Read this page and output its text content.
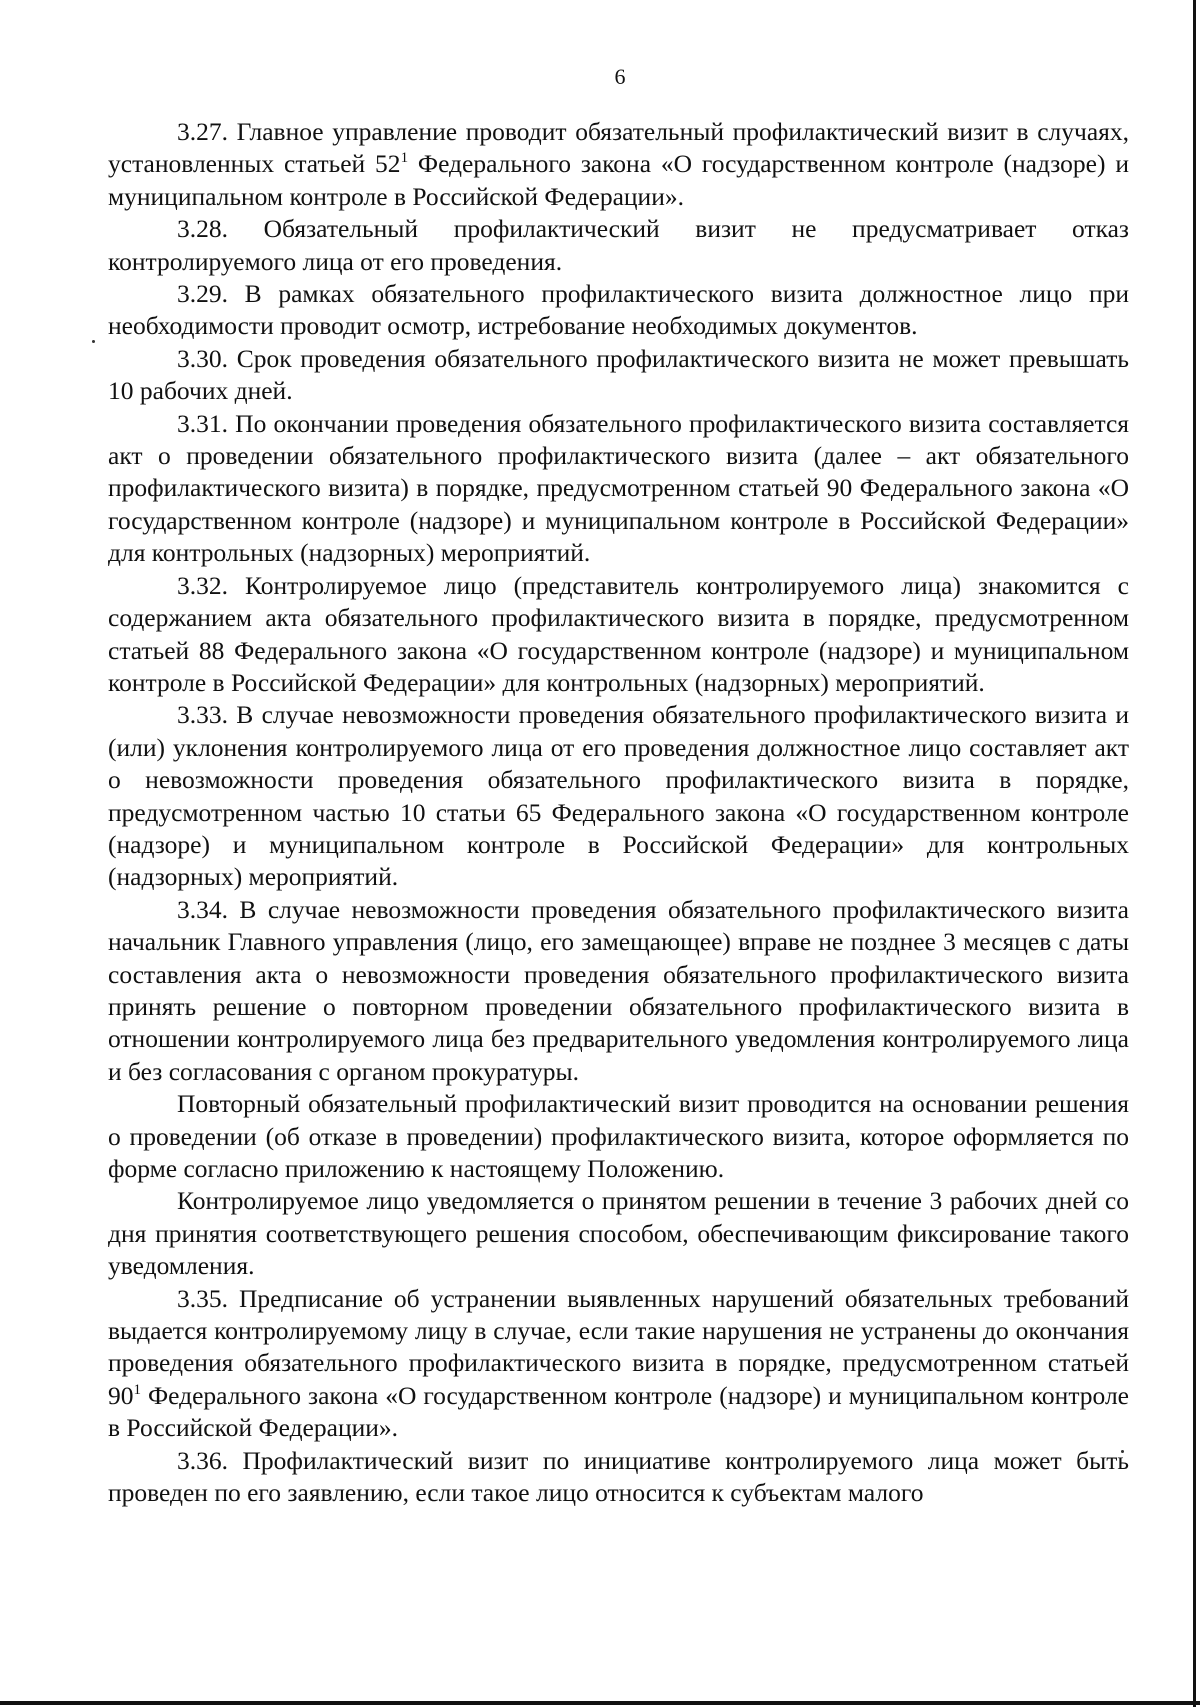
6

3.27. Главное управление проводит обязательный профилактический визит в случаях, установленных статьей $52^1$ Федерального закона «О государственном контроле (надзоре) и муниципальном контроле в Российской Федерации».

3.28. Обязательный профилактический визит не предусматривает отказ контролируемого лица от его проведения.

3.29. В рамках обязательного профилактического визита должностное лицо при необходимости проводит осмотр, истребование необходимых документов.

3.30. Срок проведения обязательного профилактического визита не может превышать 10 рабочих дней.

3.31. По окончании проведения обязательного профилактического визита составляется акт о проведении обязательного профилактического визита (далее – акт обязательного профилактического визита) в порядке, предусмотренном статьей 90 Федерального закона «О государственном контроле (надзоре) и муниципальном контроле в Российской Федерации» для контрольных (надзорных) мероприятий.

3.32. Контролируемое лицо (представитель контролируемого лица) знакомится с содержанием акта обязательного профилактического визита в порядке, предусмотренном статьей 88 Федерального закона «О государственном контроле (надзоре) и муниципальном контроле в Российской Федерации» для контрольных (надзорных) мероприятий.

3.33. В случае невозможности проведения обязательного профилактического визита и (или) уклонения контролируемого лица от его проведения должностное лицо составляет акт о невозможности проведения обязательного профилактического визита в порядке, предусмотренном частью 10 статьи 65 Федерального закона «О государственном контроле (надзоре) и муниципальном контроле в Российской Федерации» для контрольных (надзорных) мероприятий.

3.34. В случае невозможности проведения обязательного профилактического визита начальник Главного управления (лицо, его замещающее) вправе не позднее 3 месяцев с даты составления акта о невозможности проведения обязательного профилактического визита принять решение о повторном проведении обязательного профилактического визита в отношении контролируемого лица без предварительного уведомления контролируемого лица и без согласования с органом прокуратуры.

Повторный обязательный профилактический визит проводится на основании решения о проведении (об отказе в проведении) профилактического визита, которое оформляется по форме согласно приложению к настоящему Положению.

Контролируемое лицо уведомляется о принятом решении в течение 3 рабочих дней со дня принятия соответствующего решения способом, обеспечивающим фиксирование такого уведомления.

3.35. Предписание об устранении выявленных нарушений обязательных требований выдается контролируемому лицу в случае, если такие нарушения не устранены до окончания проведения обязательного профилактического визита в порядке, предусмотренном статьей $90^1$ Федерального закона «О государственном контроле (надзоре) и муниципальном контроле в Российской Федерации».

3.36. Профилактический визит по инициативе контролируемого лица может быть проведен по его заявлению, если такое лицо относится к субъектам малого
